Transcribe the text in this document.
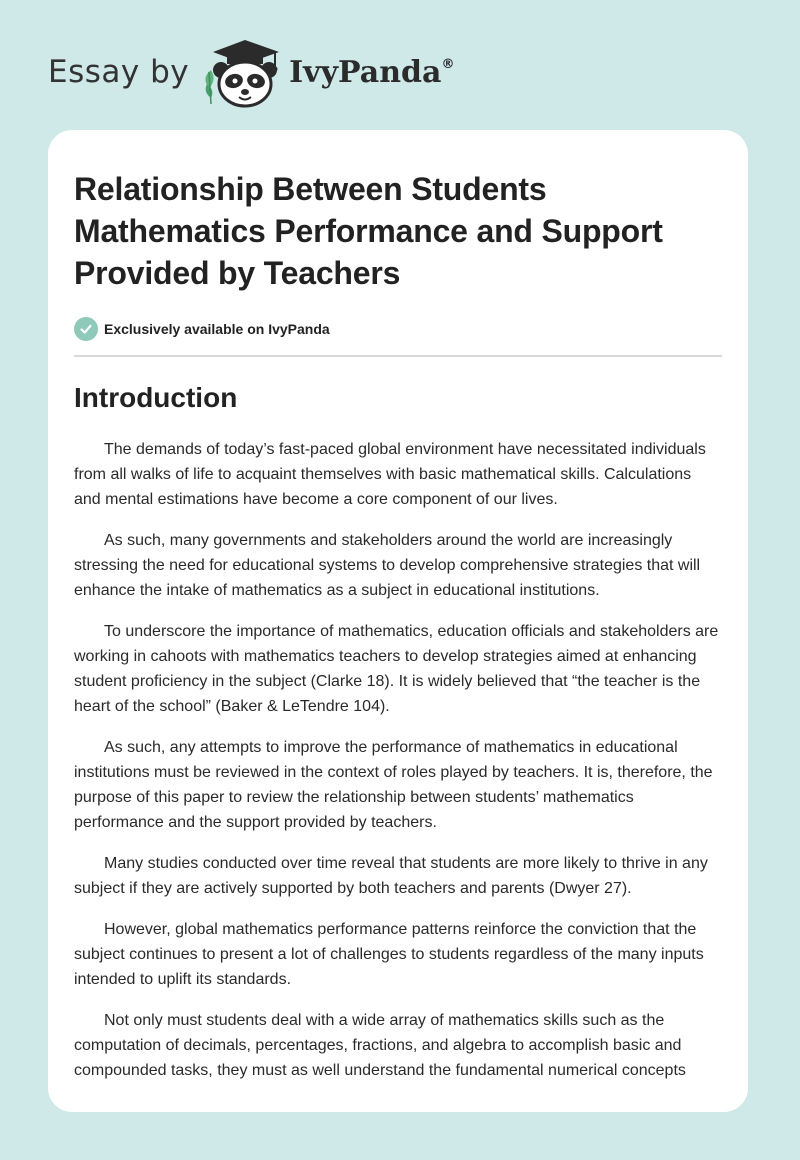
Essay by	IvyPanda®
Relationship Between Students Mathematics Performance and Support Provided by Teachers
Exclusively available on IvyPanda
Introduction

The demands of today’s fast-paced global environment have necessitated individuals from all walks of life to acquaint themselves with basic mathematical skills. Calculations and mental estimations have become a core component of our lives.

As such, many governments and stakeholders around the world are increasingly stressing the need for educational systems to develop comprehensive strategies that will enhance the intake of mathematics as a subject in educational institutions.

To underscore the importance of mathematics, education officials and stakeholders are working in cahoots with mathematics teachers to develop strategies aimed at enhancing student proficiency in the subject (Clarke 18). It is widely believed that “the teacher is the heart of the school” (Baker & LeTendre 104).

As such, any attempts to improve the performance of mathematics in educational institutions must be reviewed in the context of roles played by teachers. It is, therefore, the purpose of this paper to review the relationship between students’ mathematics performance and the support provided by teachers.

Many studies conducted over time reveal that students are more likely to thrive in any subject if they are actively supported by both teachers and parents (Dwyer 27).

However, global mathematics performance patterns reinforce the conviction that the subject continues to present a lot of challenges to students regardless of the many inputs intended to uplift its standards.

Not only must students deal with a wide array of mathematics skills such as the computation of decimals, percentages, fractions, and algebra to accomplish basic and compounded tasks, they must as well understand the fundamental numerical concepts
